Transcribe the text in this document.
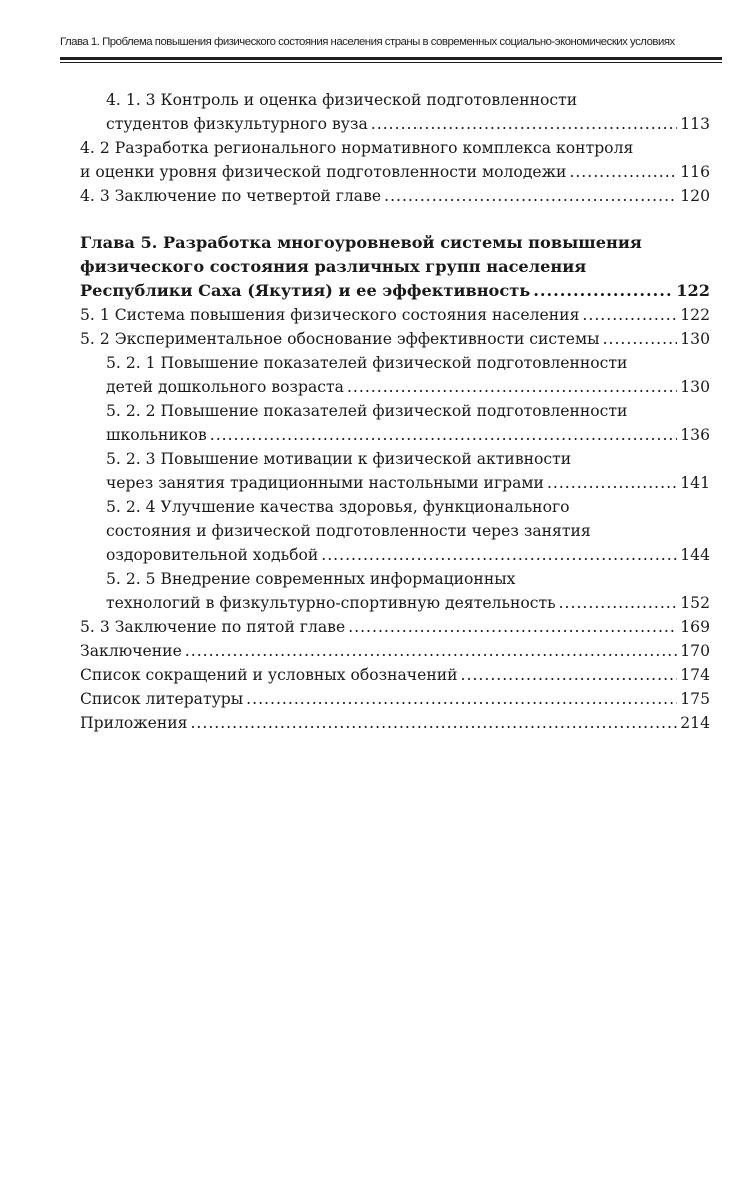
Глава 1. Проблема повышения физического состояния населения страны в современных социально-экономических условиях
4. 1. 3 Контроль и оценка физической подготовленности
студентов физкультурного вуза .....	113
4. 2 Разработка регионального нормативного комплекса контроля
и оценки уровня физической подготовленности молодежи .....	116
4. 3 Заключение по четвертой главе .....	120
Глава 5. Разработка многоуровневой системы повышения
физического состояния различных групп населения
Республики Саха (Якутия) и ее эффективность .....	122
5. 1 Система повышения физического состояния населения .....	122
5. 2 Экспериментальное обоснование эффективности системы .....	130
5. 2. 1 Повышение показателей физической подготовленности
детей дошкольного возраста .....	130
5. 2. 2 Повышение показателей физической подготовленности
школьников .....	136
5. 2. 3 Повышение мотивации к физической активности
через занятия традиционными настольными играми .....	141
5. 2. 4 Улучшение качества здоровья, функционального
состояния и физической подготовленности через занятия
оздоровительной ходьбой .....	144
5. 2. 5 Внедрение современных информационных
технологий в физкультурно-спортивную деятельность .....	152
5. 3 Заключение по пятой главе .....	169
Заключение .....	170
Список сокращений и условных обозначений .....	174
Список литературы .....	175
Приложения .....	214
